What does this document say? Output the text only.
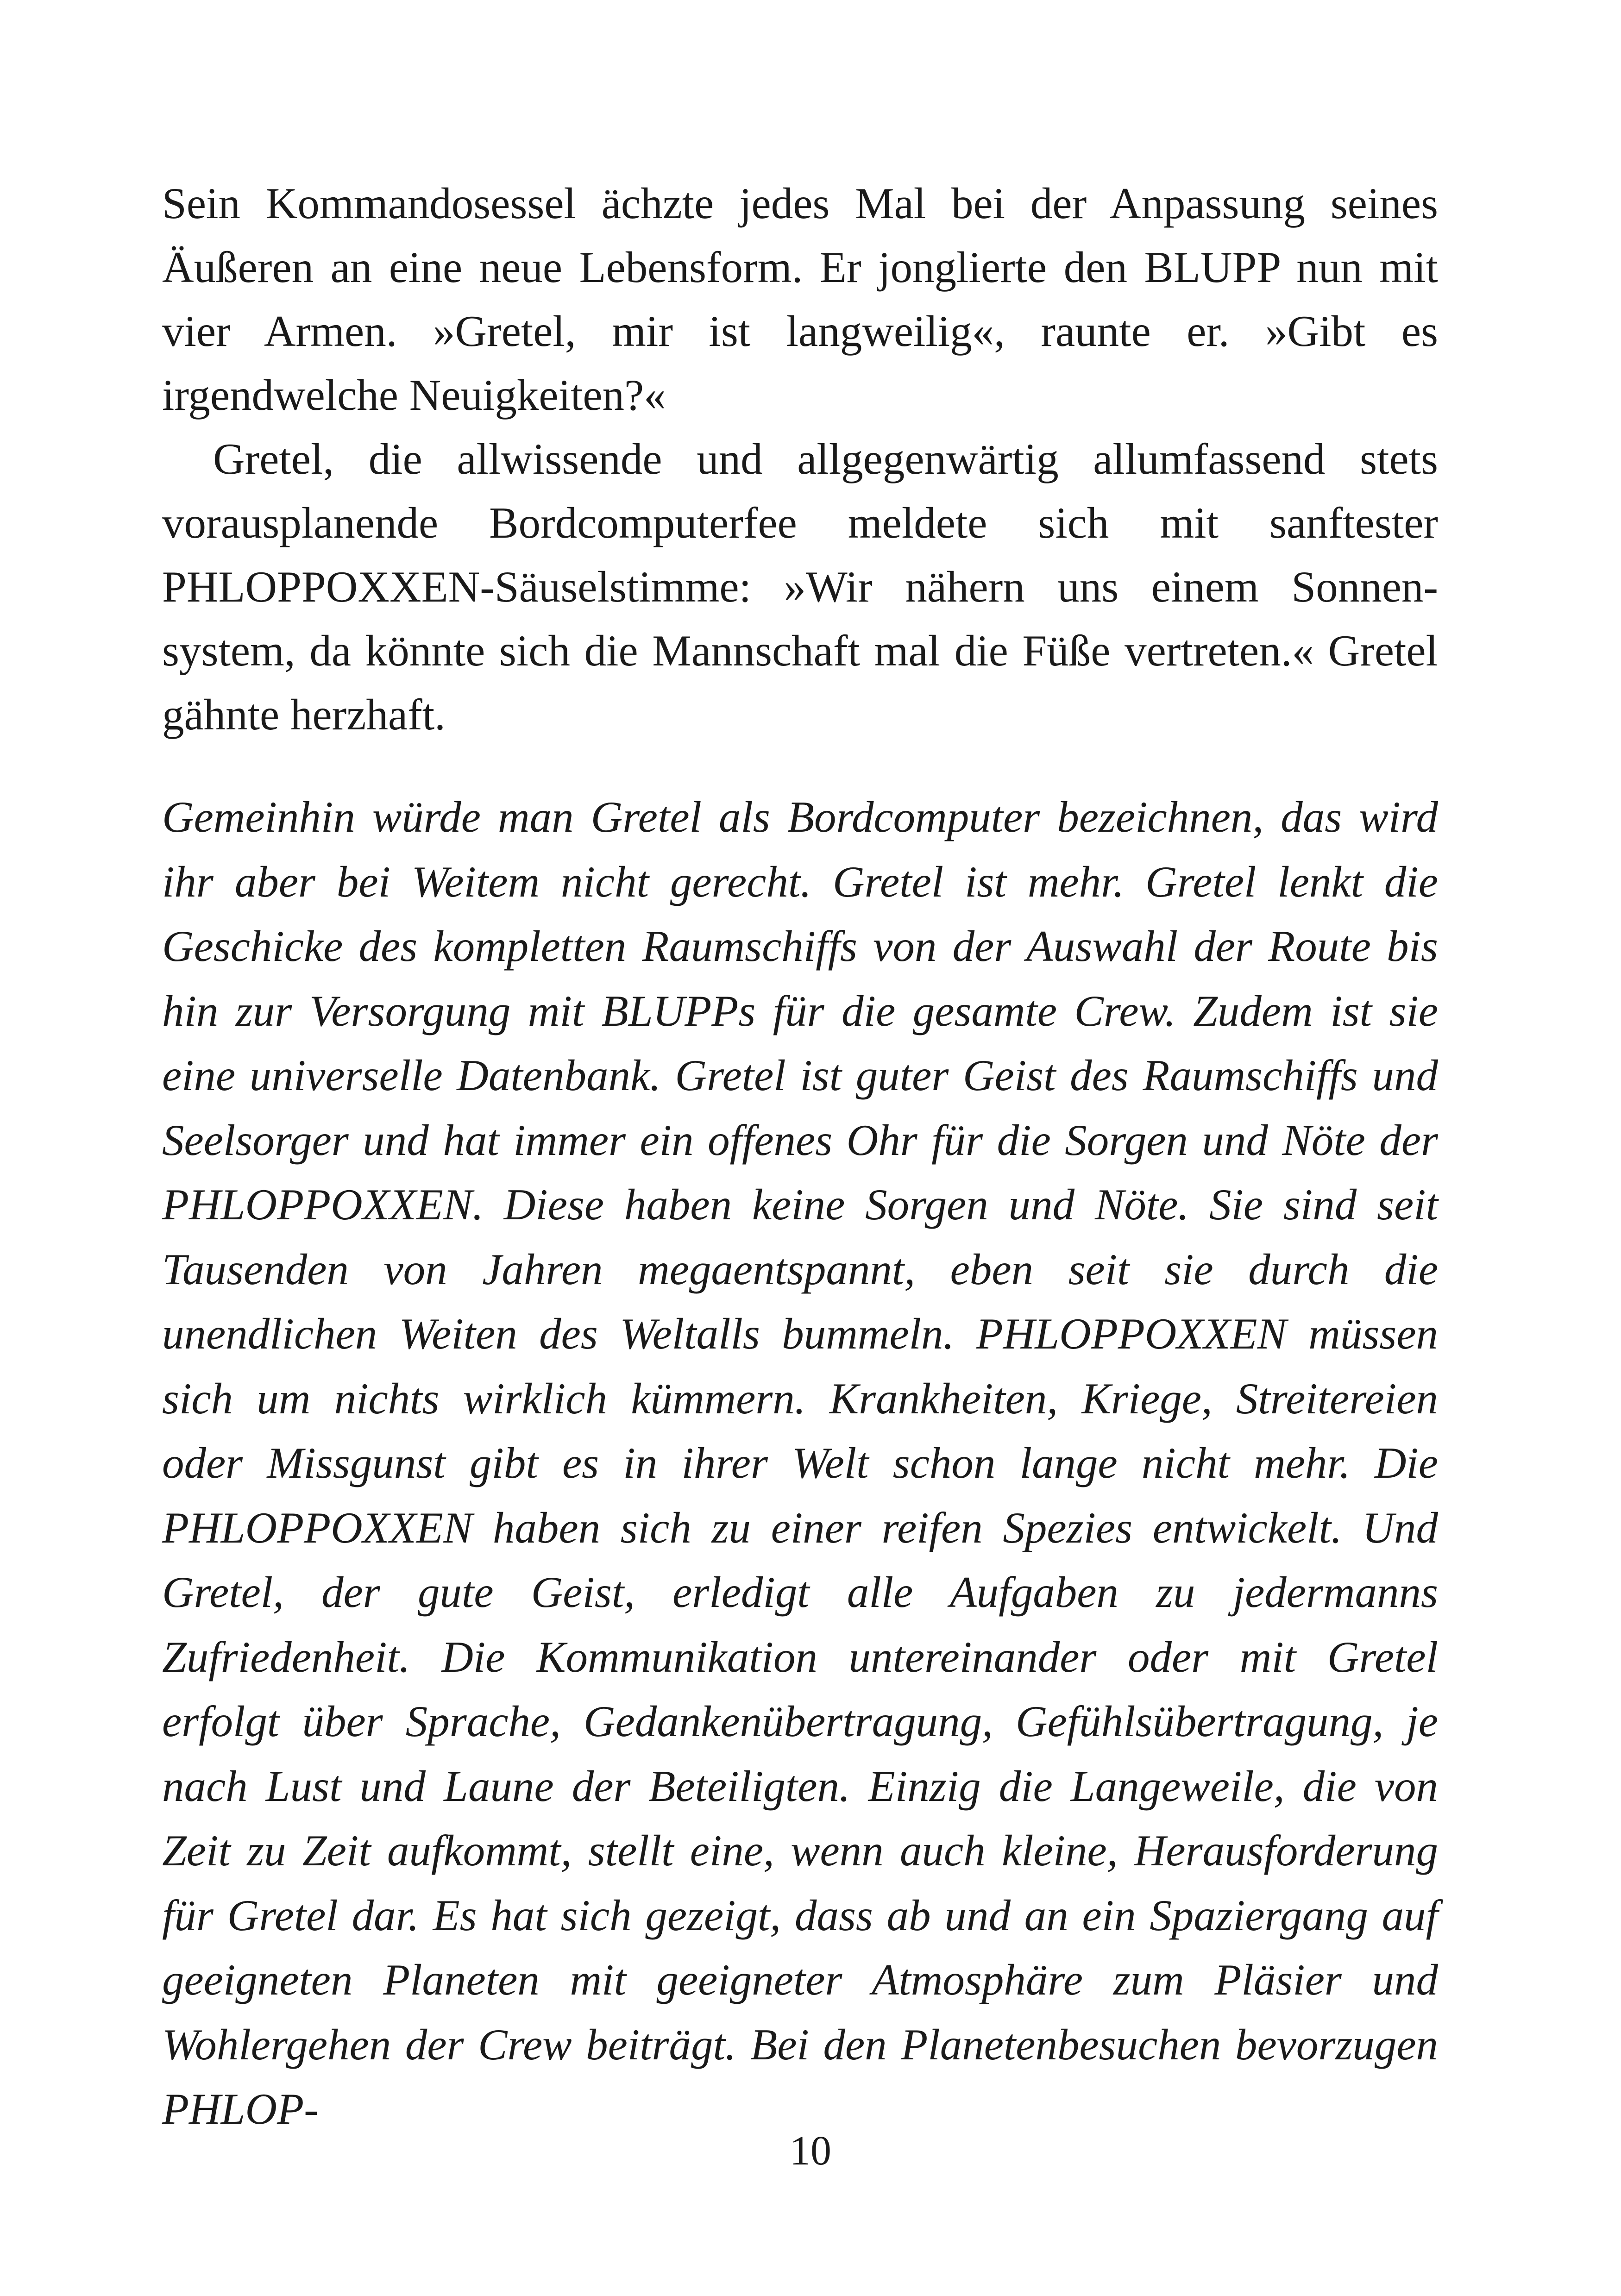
Sein Kommandosessel ächzte jedes Mal bei der Anpassung seines Äußeren an eine neue Lebensform. Er jonglierte den BLUPP nun mit vier Armen. »Gretel, mir ist langweilig«, raunte er. »Gibt es irgendwelche Neuigkeiten?«

Gretel, die allwissende und allgegenwärtig allumfassend stets vorausplanende Bordcomputerfee meldete sich mit sanftester PHLOPPOXXEN-Säuselstimme: »Wir nähern uns einem Sonnensystem, da könnte sich die Mannschaft mal die Füße vertreten.« Gretel gähnte herzhaft.

Gemeinhin würde man Gretel als Bordcomputer bezeichnen, das wird ihr aber bei Weitem nicht gerecht. Gretel ist mehr. Gretel lenkt die Geschicke des kompletten Raumschiffs von der Auswahl der Route bis hin zur Versorgung mit BLUPPs für die gesamte Crew. Zudem ist sie eine universelle Datenbank. Gretel ist guter Geist des Raumschiffs und Seelsorger und hat immer ein offenes Ohr für die Sorgen und Nöte der PHLOPPOXXEN. Diese haben keine Sorgen und Nöte. Sie sind seit Tausenden von Jahren megaentspannt, eben seit sie durch die unendlichen Weiten des Weltalls bummeln. PHLOPPOXXEN müssen sich um nichts wirklich kümmern. Krankheiten, Kriege, Streitereien oder Missgunst gibt es in ihrer Welt schon lange nicht mehr. Die PHLOPPOXXEN haben sich zu einer reifen Spezies entwickelt. Und Gretel, der gute Geist, erledigt alle Aufgaben zu jedermanns Zufriedenheit. Die Kommunikation untereinander oder mit Gretel erfolgt über Sprache, Gedankenübertragung, Gefühlsübertragung, je nach Lust und Laune der Beteiligten. Einzig die Langeweile, die von Zeit zu Zeit aufkommt, stellt eine, wenn auch kleine, Herausforderung für Gretel dar. Es hat sich gezeigt, dass ab und an ein Spaziergang auf geeigneten Planeten mit geeigneter Atmosphäre zum Pläsier und Wohlergehen der Crew beiträgt. Bei den Planetenbesuchen bevorzugen PHLOP-

10
